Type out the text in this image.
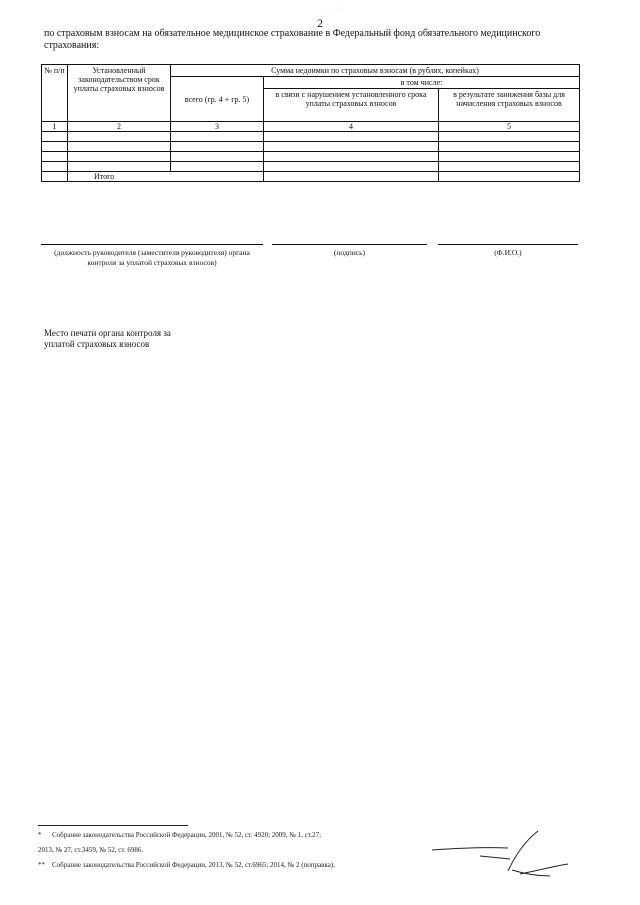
· ·
2
по страховым взносам на обязательное медицинское страхование в Федеральный фонд обязательного медицинского страхования:
№ п/п	Установленный законодательством срок уплаты страховых взносов	Сумма недоимки по страховым взносам (в рублях, копейках)		
		всего (гр. 4 + гр. 5)	в том числе:	
			в связи с нарушением установленного срока уплаты страховых взносов	в результате занижения базы для начисления страховых взносов
1	2	3	4	5

	Итого			
(должность руководителя (заместителя руководителя) органа контроля за уплатой страховых взносов)
(подпись)	(Ф.И.О.)
Место печати органа контроля за уплатой страховых взносов
* Собрание законодательства Российской Федерации, 2001, № 52, ст. 4920; 2009, № 1, ст.27;
2013, № 27, ст.3459, № 52, ст. 6986.
** Собрание законодательства Российской Федерации, 2013, № 52, ст.6965; 2014, № 2 (поправка).
